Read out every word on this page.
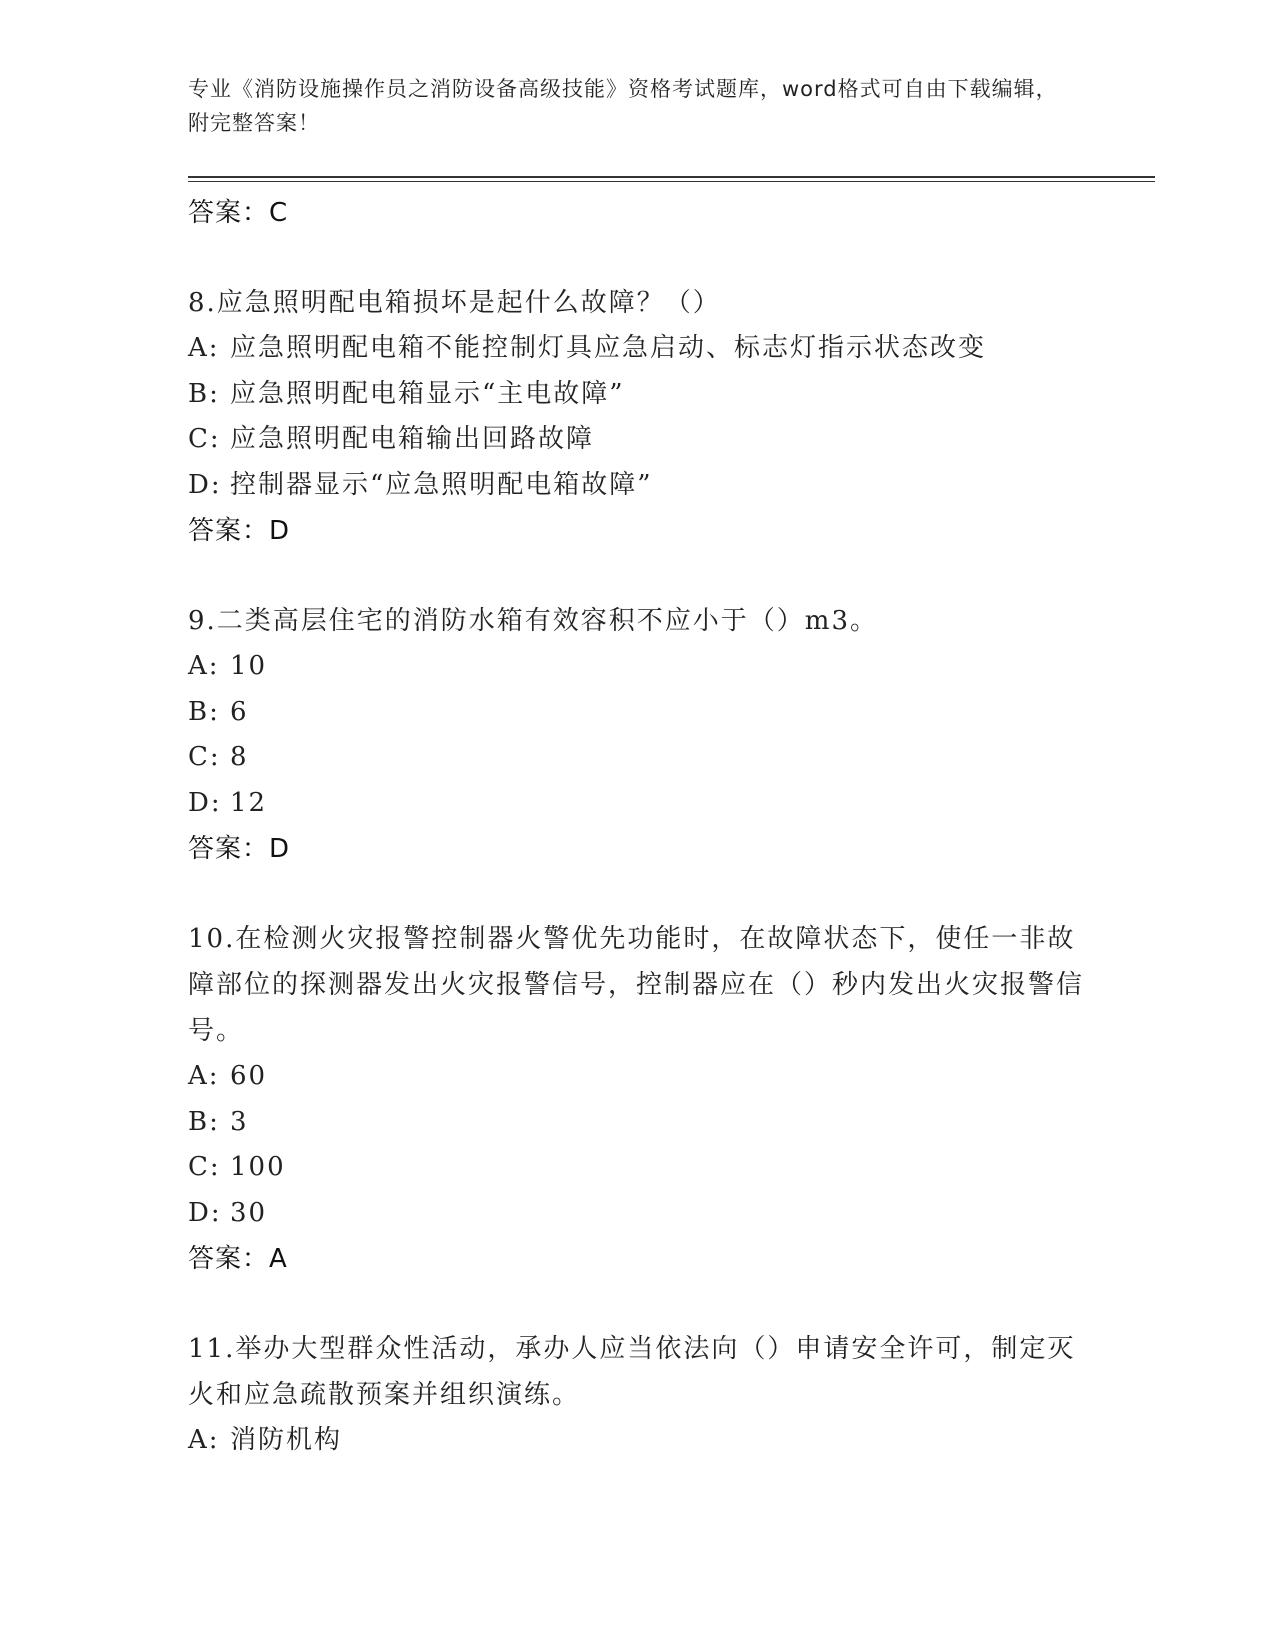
专业《消防设施操作员之消防设备高级技能》资格考试题库，word格式可自由下载编辑，附完整答案！
答案：C
8.应急照明配电箱损坏是起什么故障？（）
A: 应急照明配电箱不能控制灯具应急启动、标志灯指示状态改变
B: 应急照明配电箱显示“主电故障”
C: 应急照明配电箱输出回路故障
D: 控制器显示“应急照明配电箱故障”
答案：D
9.二类高层住宅的消防水箱有效容积不应小于（）m3。
A: 10
B: 6
C: 8
D: 12
答案：D
10.在检测火灾报警控制器火警优先功能时，在故障状态下，使任一非故障部位的探测器发出火灾报警信号，控制器应在（）秒内发出火灾报警信号。
A: 60
B: 3
C: 100
D: 30
答案：A
11.举办大型群众性活动，承办人应当依法向（）申请安全许可，制定灭火和应急疏散预案并组织演练。
A: 消防机构
